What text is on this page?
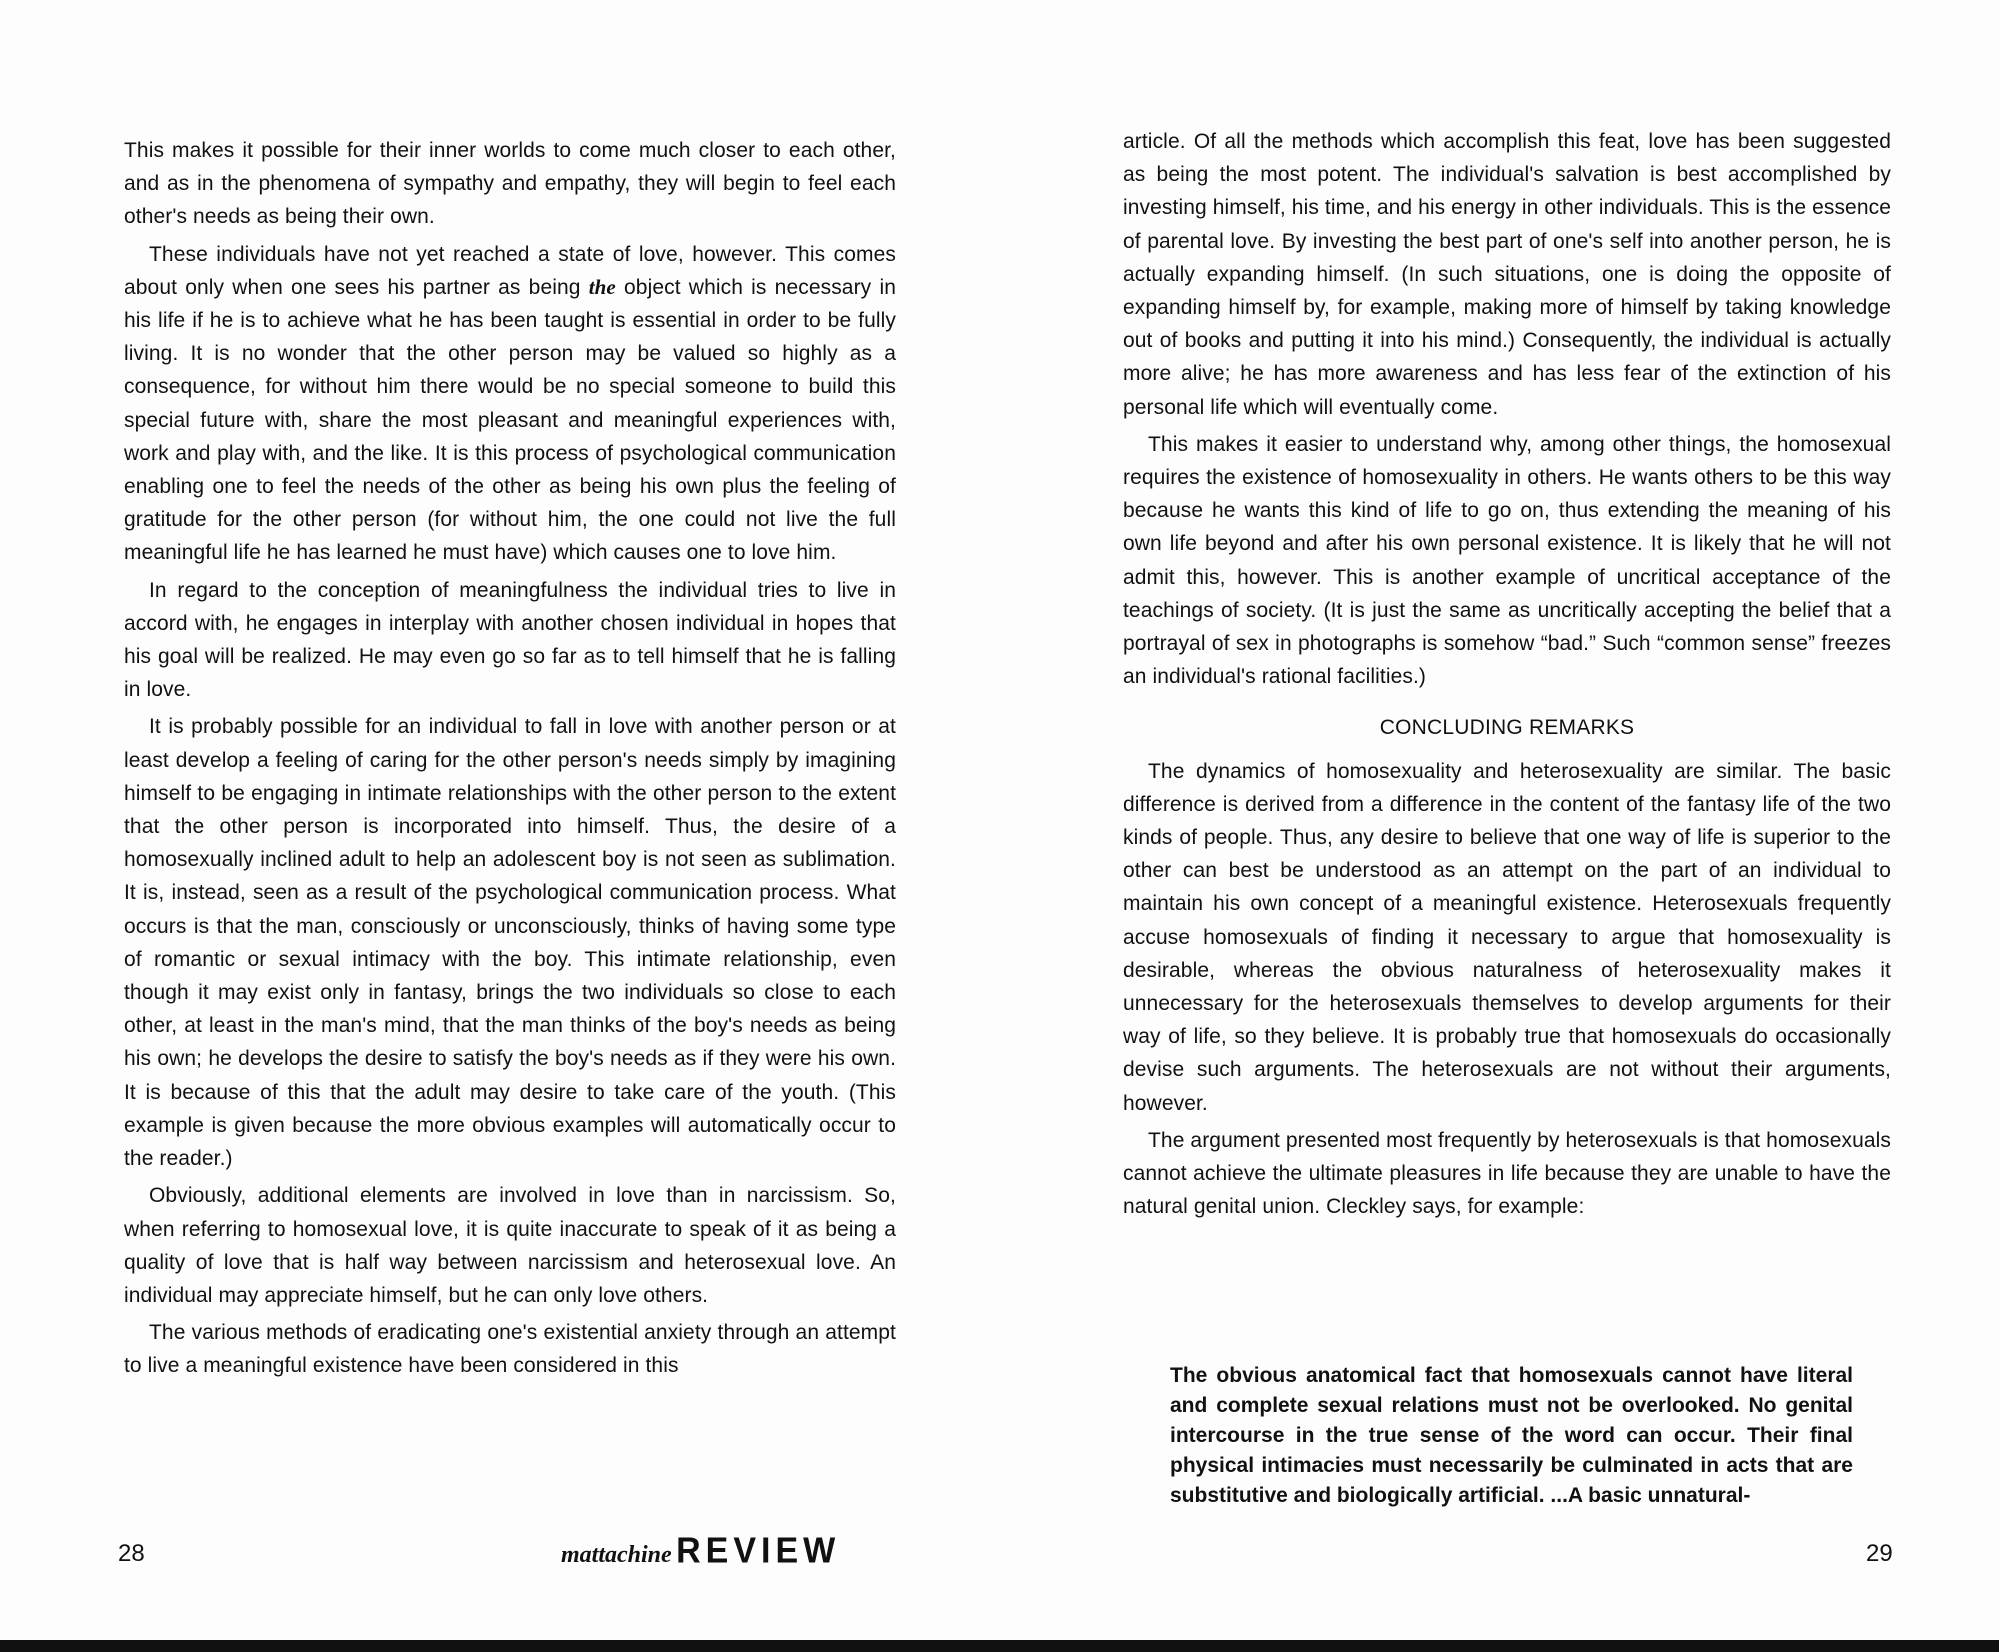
This makes it possible for their inner worlds to come much closer to each other, and as in the phenomena of sympathy and empathy, they will begin to feel each other's needs as being their own.

These individuals have not yet reached a state of love, however. This comes about only when one sees his partner as being the object which is necessary in his life if he is to achieve what he has been taught is essential in order to be fully living. It is no wonder that the other person may be valued so highly as a consequence, for without him there would be no special someone to build this special future with, share the most pleasant and meaningful experiences with, work and play with, and the like. It is this process of psychological communication enabling one to feel the needs of the other as being his own plus the feeling of gratitude for the other person (for without him, the one could not live the full meaningful life he has learned he must have) which causes one to love him.

In regard to the conception of meaningfulness the individual tries to live in accord with, he engages in interplay with another chosen individual in hopes that his goal will be realized. He may even go so far as to tell himself that he is falling in love.

It is probably possible for an individual to fall in love with another person or at least develop a feeling of caring for the other person's needs simply by imagining himself to be engaging in intimate relationships with the other person to the extent that the other person is incorporated into himself. Thus, the desire of a homosexually inclined adult to help an adolescent boy is not seen as sublimation. It is, instead, seen as a result of the psychological communication process. What occurs is that the man, consciously or unconsciously, thinks of having some type of romantic or sexual intimacy with the boy. This intimate relationship, even though it may exist only in fantasy, brings the two individuals so close to each other, at least in the man's mind, that the man thinks of the boy's needs as being his own; he develops the desire to satisfy the boy's needs as if they were his own. It is because of this that the adult may desire to take care of the youth. (This example is given because the more obvious examples will automatically occur to the reader.)

Obviously, additional elements are involved in love than in narcissism. So, when referring to homosexual love, it is quite inaccurate to speak of it as being a quality of love that is half way between narcissism and heterosexual love. An individual may appreciate himself, but he can only love others.

The various methods of eradicating one's existential anxiety through an attempt to live a meaningful existence have been considered in this

28	mattachine REVIEW

article. Of all the methods which accomplish this feat, love has been suggested as being the most potent. The individual's salvation is best accomplished by investing himself, his time, and his energy in other individuals. This is the essence of parental love. By investing the best part of one's self into another person, he is actually expanding himself. (In such situations, one is doing the opposite of expanding himself by, for example, making more of himself by taking knowledge out of books and putting it into his mind.) Consequently, the individual is actually more alive; he has more awareness and has less fear of the extinction of his personal life which will eventually come.

This makes it easier to understand why, among other things, the homosexual requires the existence of homosexuality in others. He wants others to be this way because he wants this kind of life to go on, thus extending the meaning of his own life beyond and after his own personal existence. It is likely that he will not admit this, however. This is another example of uncritical acceptance of the teachings of society. (It is just the same as uncritically accepting the belief that a portrayal of sex in photographs is somehow “bad.” Such “common sense” freezes an individual's rational facilities.)

CONCLUDING REMARKS

The dynamics of homosexuality and heterosexuality are similar. The basic difference is derived from a difference in the content of the fantasy life of the two kinds of people. Thus, any desire to believe that one way of life is superior to the other can best be understood as an attempt on the part of an individual to maintain his own concept of a meaningful existence. Heterosexuals frequently accuse homosexuals of finding it necessary to argue that homosexuality is desirable, whereas the obvious naturalness of heterosexuality makes it unnecessary for the heterosexuals themselves to develop arguments for their way of life, so they believe. It is probably true that homosexuals do occasionally devise such arguments. The heterosexuals are not without their arguments, however.

The argument presented most frequently by heterosexuals is that homosexuals cannot achieve the ultimate pleasures in life because they are unable to have the natural genital union. Cleckley says, for example:

The obvious anatomical fact that homosexuals cannot have literal and complete sexual relations must not be overlooked. No genital intercourse in the true sense of the word can occur. Their final physical intimacies must necessarily be culminated in acts that are substitutive and biologically artificial. ...A basic unnatural-
29
